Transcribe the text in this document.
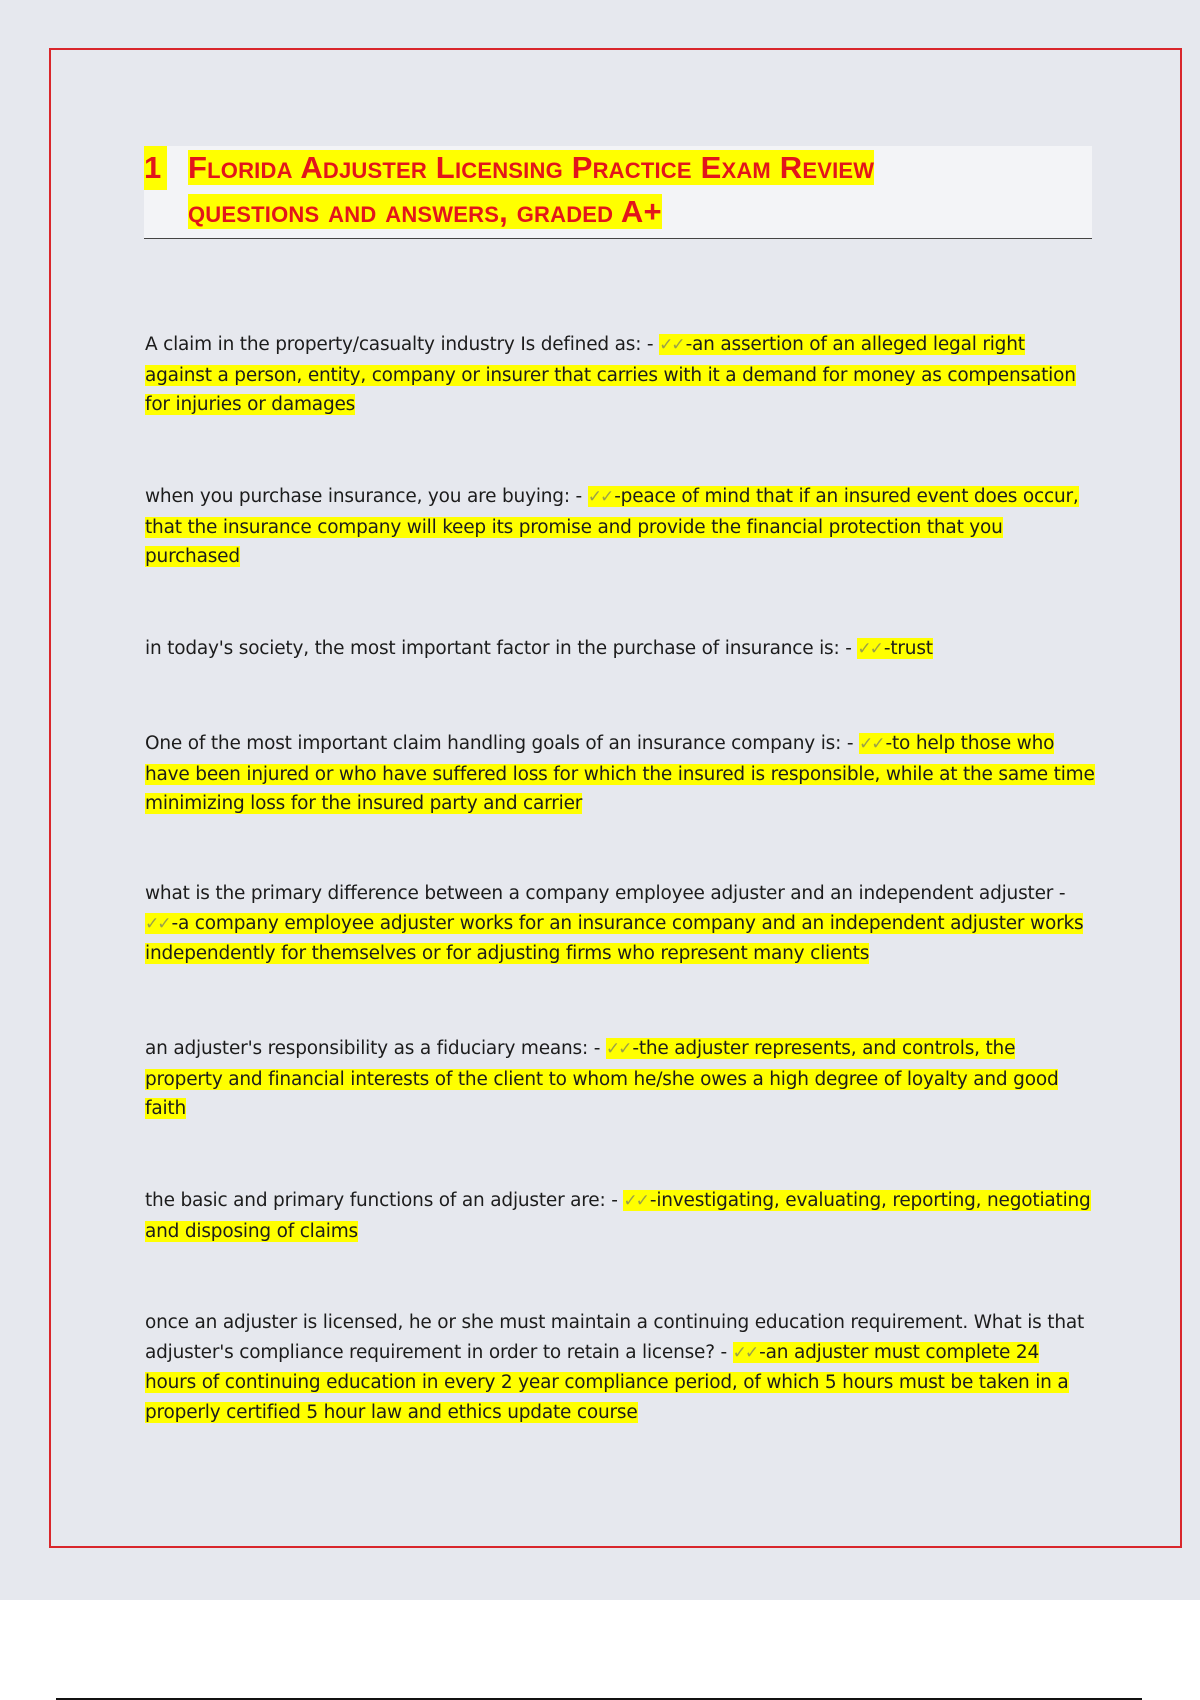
1 Florida Adjuster Licensing Practice Exam Review
questions and answers, graded A+
A claim in the property/casualty industry Is defined as: - ✓✓ -an assertion of an alleged legal right against a person, entity, company or insurer that carries with it a demand for money as compensation for injuries or damages
when you purchase insurance, you are buying: - ✓✓ -peace of mind that if an insured event does occur, that the insurance company will keep its promise and provide the financial protection that you purchased
in today's society, the most important factor in the purchase of insurance is: - ✓✓ -trust
One of the most important claim handling goals of an insurance company is: - ✓✓ -to help those who have been injured or who have suffered loss for which the insured is responsible, while at the same time minimizing loss for the insured party and carrier
what is the primary difference between a company employee adjuster and an independent adjuster - ✓✓ -a company employee adjuster works for an insurance company and an independent adjuster works independently for themselves or for adjusting firms who represent many clients
an adjuster's responsibility as a fiduciary means: - ✓✓ -the adjuster represents, and controls, the property and financial interests of the client to whom he/she owes a high degree of loyalty and good faith
the basic and primary functions of an adjuster are: - ✓✓ -investigating, evaluating, reporting, negotiating and disposing of claims
once an adjuster is licensed, he or she must maintain a continuing education requirement. What is that adjuster's compliance requirement in order to retain a license? - ✓✓ -an adjuster must complete 24 hours of continuing education in every 2 year compliance period, of which 5 hours must be taken in a properly certified 5 hour law and ethics update course
